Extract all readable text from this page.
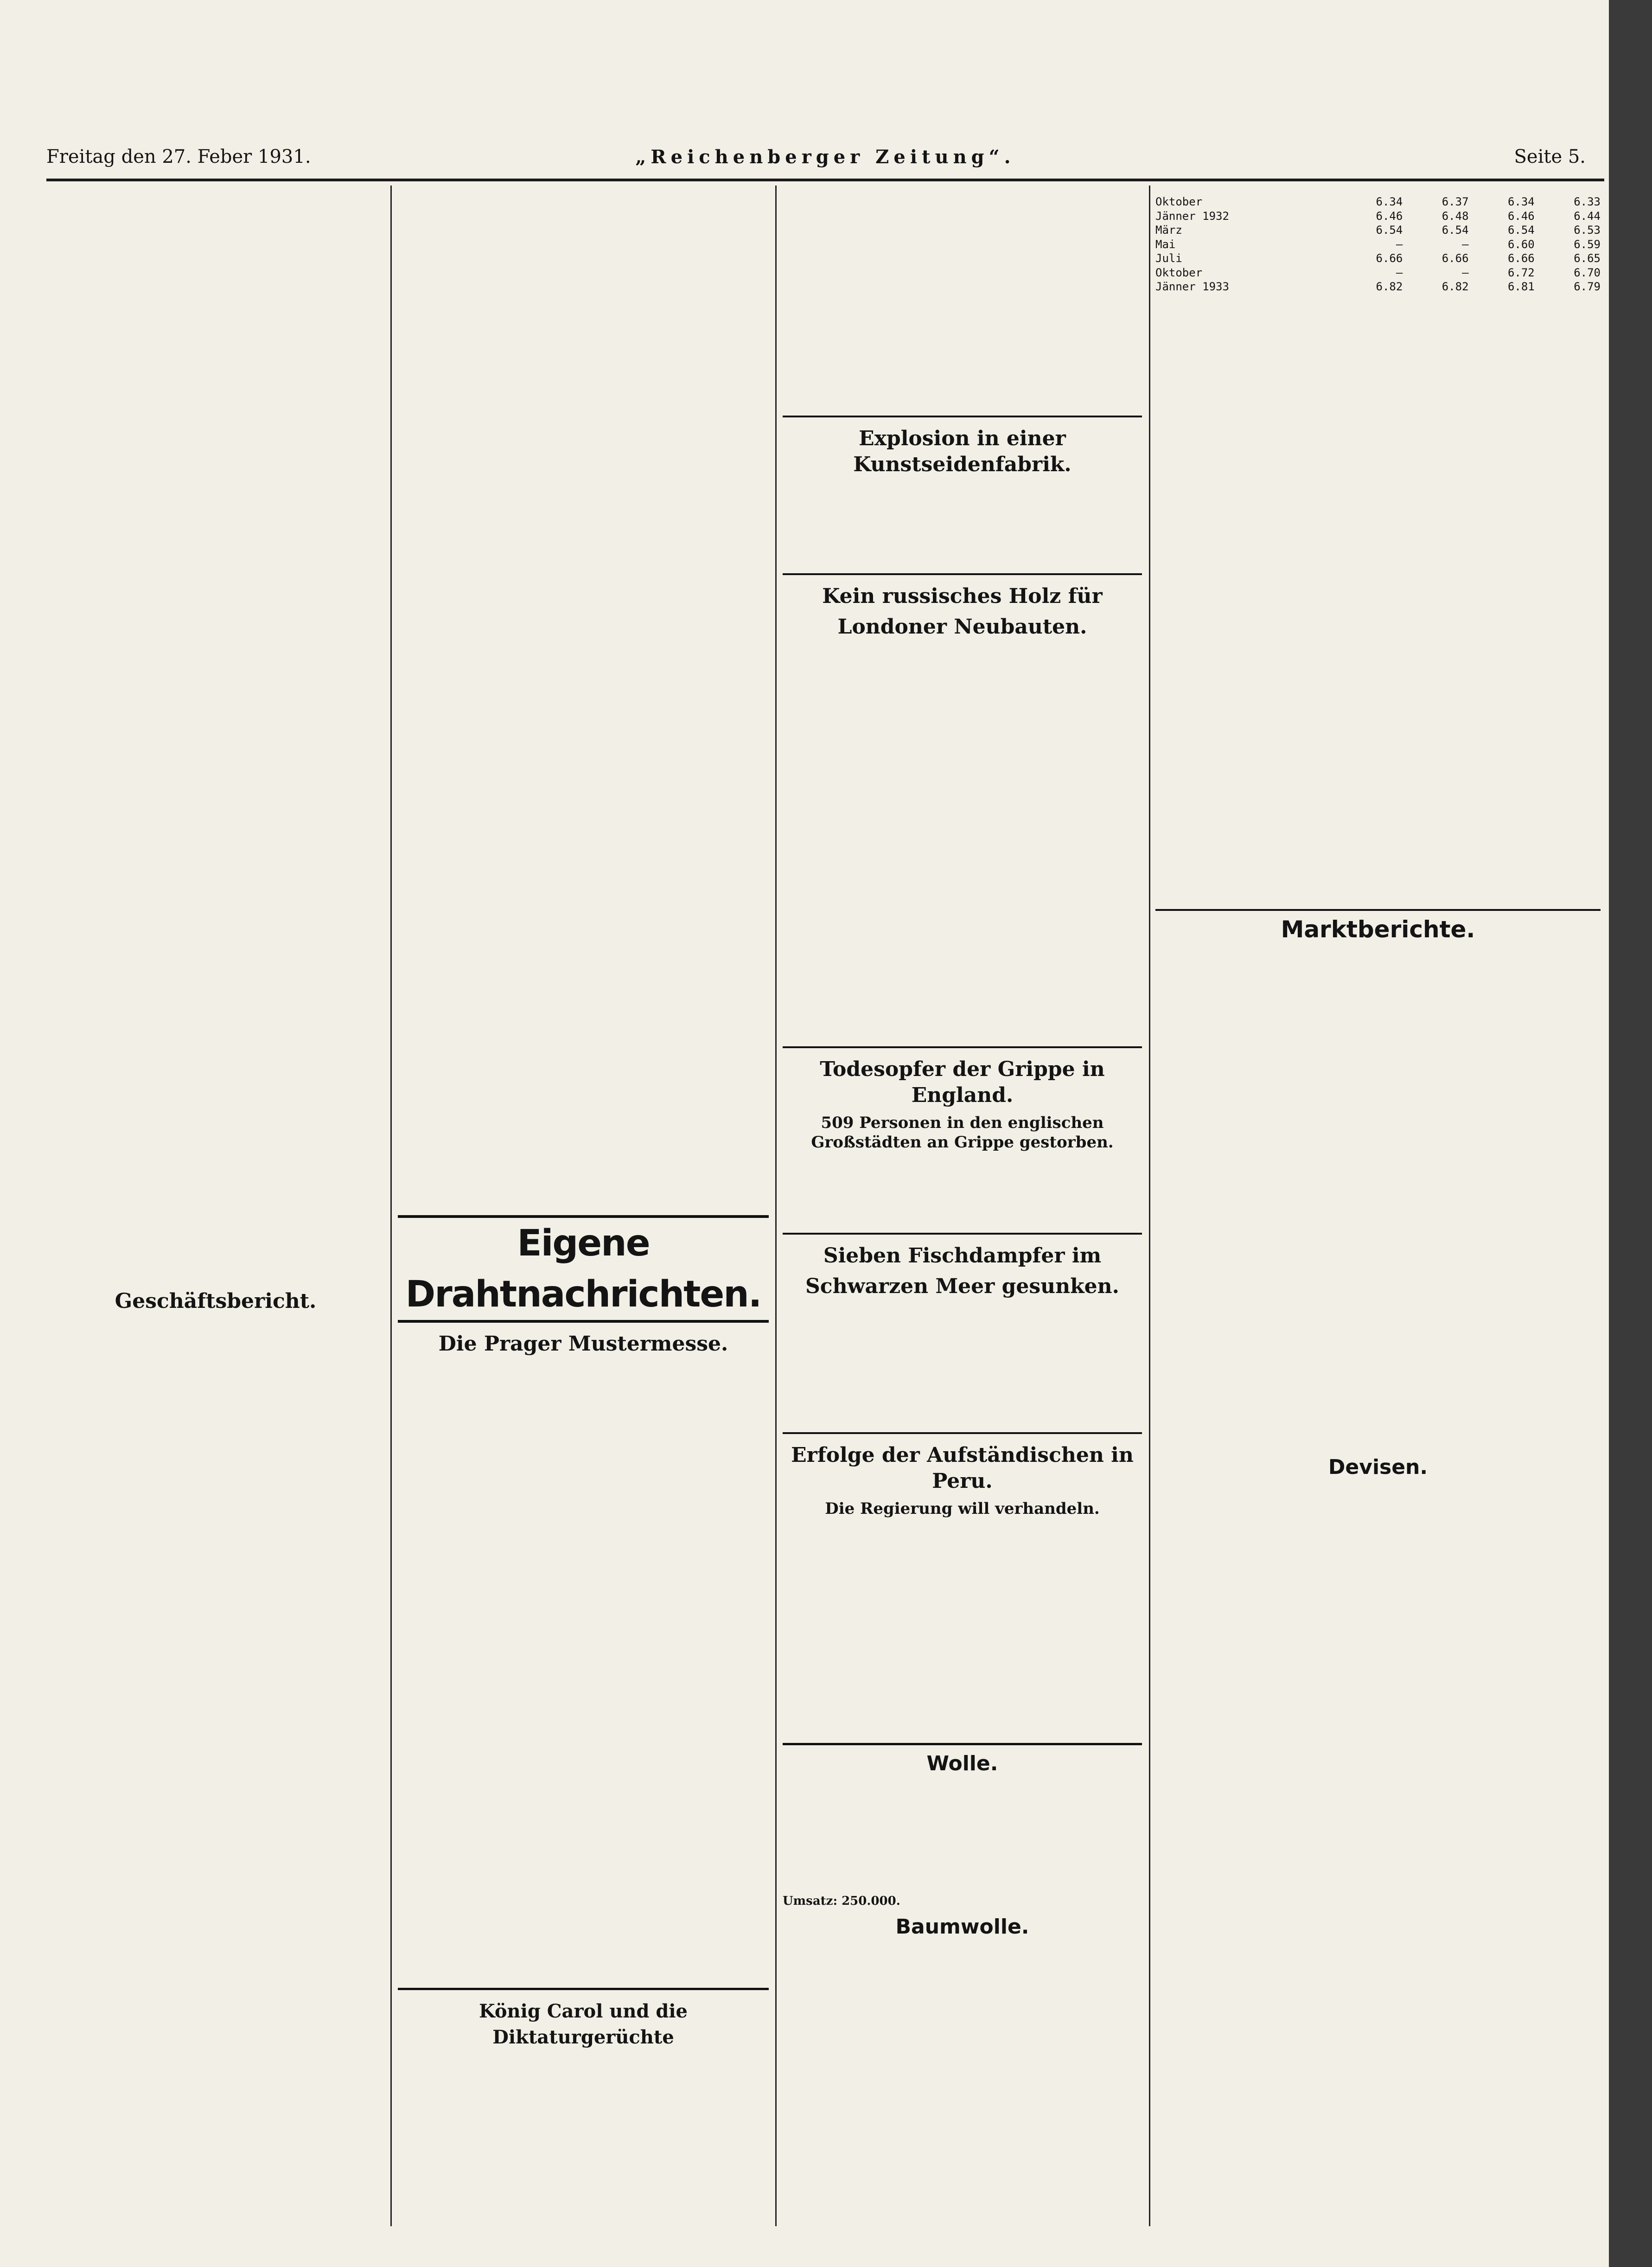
Freitag den 27. Feber 1931.	„Reichenberger Zeitung“.	Seite 5.
Geschäftsbericht.
Eigene Drahtnachrichten.
Die Prager Mustermesse.
König Carol und die Diktaturgerüchte
Explosion in einer Kunstseidenfabrik.
Kein russisches Holz für
Londoner Neubauten.
Todesopfer der Grippe in England.
509 Personen in den englischen Großstädten an Grippe gestorben.
Sieben Fischdampfer im
Schwarzen Meer gesunken.
Erfolge der Aufständischen in Peru.
Die Regierung will verhandeln.
Wolle.
Umsatz: 250.000.
Baumwolle.
Oktober	6.34	6.37	6.34	6.33
Jänner 1932	6.46	6.48	6.46	6.44
März	6.54	6.54	6.54	6.53
Mai	—	—	6.60	6.59
Juli	6.66	6.66	6.66	6.65
Oktober	—	—	6.72	6.70
Jänner 1933	6.82	6.82	6.81	6.79
Marktberichte.
Devisen.
